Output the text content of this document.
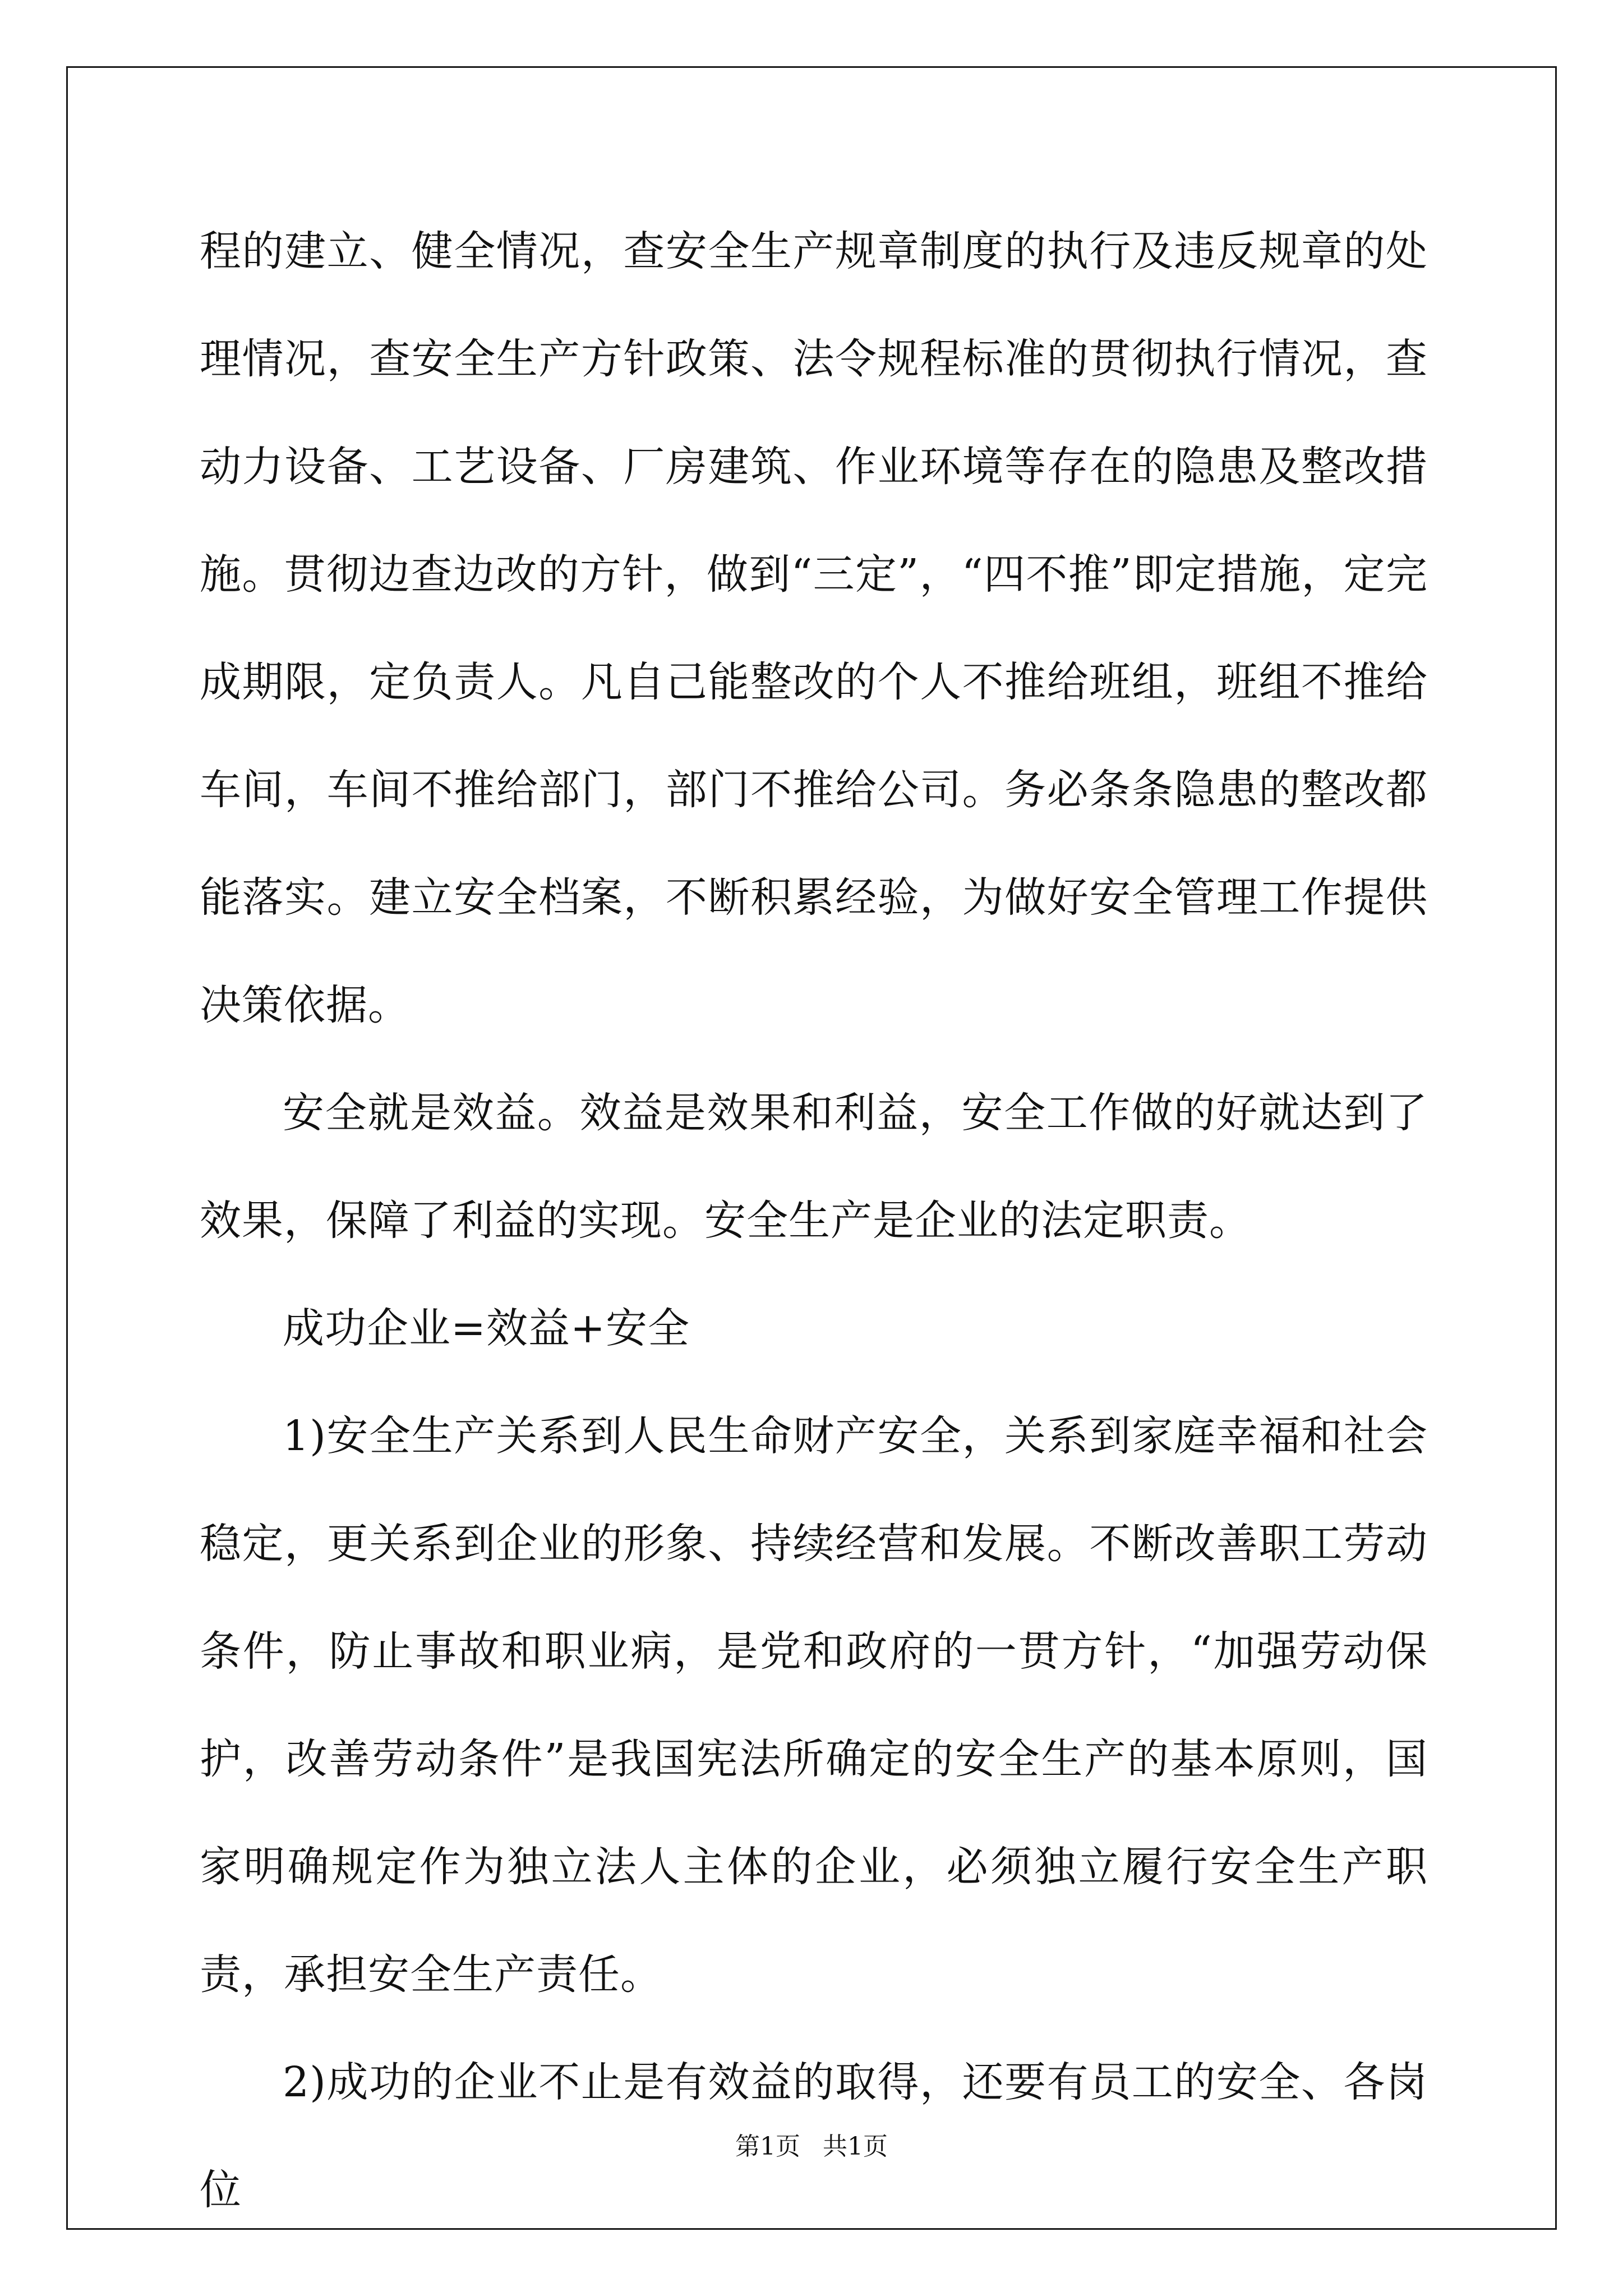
程的建立、健全情况，查安全生产规章制度的执行及违反规章的处理情况，查安全生产方针政策、法令规程标准的贯彻执行情况，查动力设备、工艺设备、厂房建筑、作业环境等存在的隐患及整改措施。贯彻边查边改的方针，做到“三定”，“四不推”即定措施，定完成期限，定负责人。凡自己能整改的个人不推给班组，班组不推给车间，车间不推给部门，部门不推给公司。务必条条隐患的整改都能落实。建立安全档案，不断积累经验，为做好安全管理工作提供决策依据。

安全就是效益。效益是效果和利益，安全工作做的好就达到了效果，保障了利益的实现。安全生产是企业的法定职责。

成功企业=效益+安全

1)安全生产关系到人民生命财产安全，关系到家庭幸福和社会稳定，更关系到企业的形象、持续经营和发展。不断改善职工劳动条件，防止事故和职业病，是党和政府的一贯方针，“加强劳动保护，改善劳动条件”是我国宪法所确定的安全生产的基本原则，国家明确规定作为独立法人主体的企业，必须独立履行安全生产职责，承担安全生产责任。

2)成功的企业不止是有效益的取得，还要有员工的安全、各岗位

第1页 共1页
